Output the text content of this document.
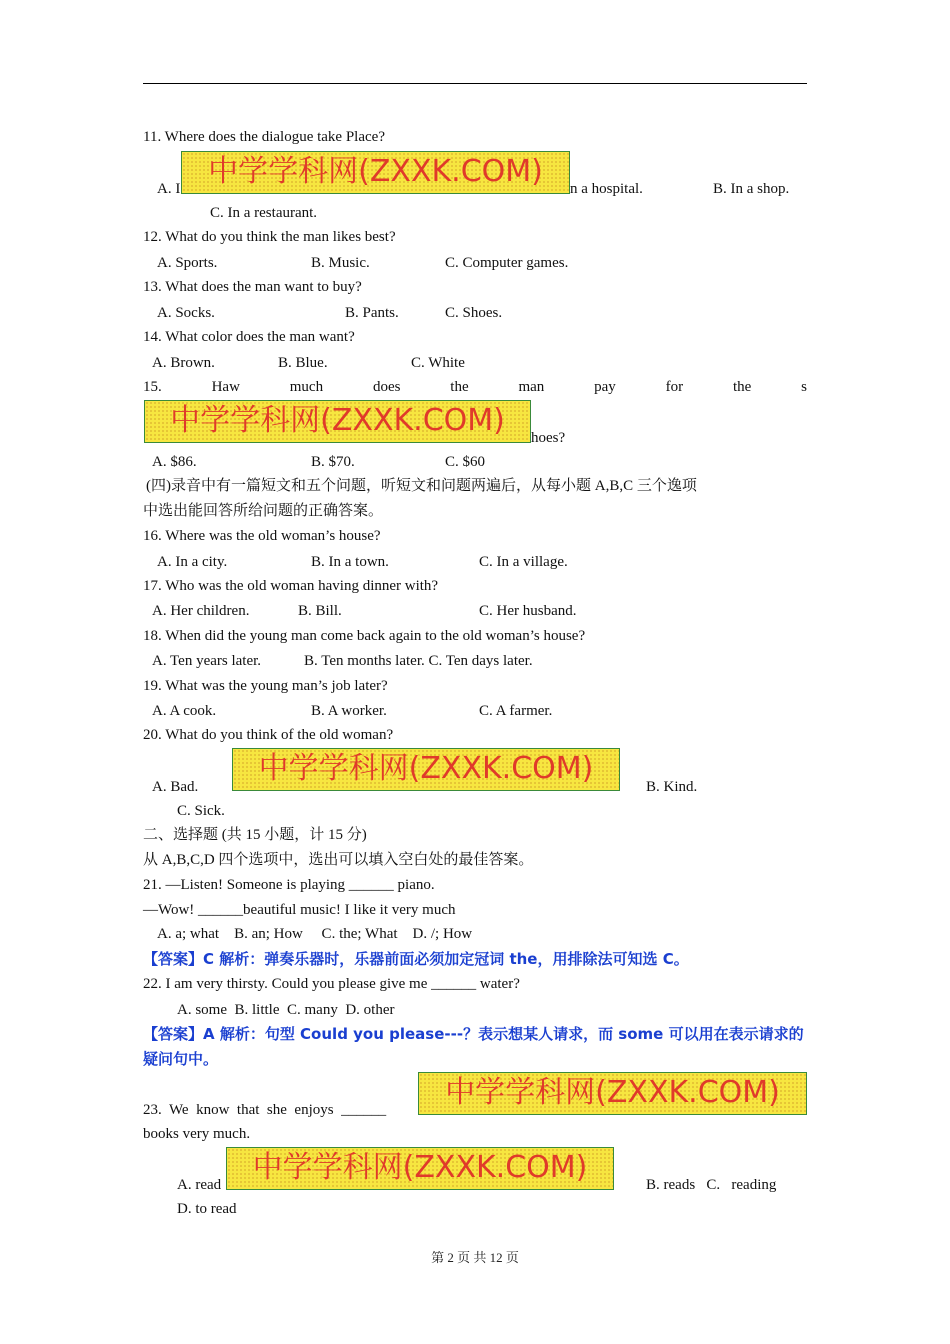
11. Where does the dialogue take Place?
A. I 中学学科网(ZXXK.COM)	n a hospital.	B. In a shop.
C. In a restaurant.
12. What do you think the man likes best?
A. Sports.	B. Music.	C. Computer games.
13. What does the man want to buy?
A. Socks.	B. Pants.	C. Shoes.
14. What color does the man want?
A. Brown.	B. Blue.	C. White
15.	Haw	much	does	the	man	pay	for	the	s
中学学科网(ZXXK.COM)	hoes?
A. $86.	B. $70.	C. $60
(四)录音中有一篇短文和五个问题，听短文和问题两遍后，从每小题 A,B,C 三个逸项
中选出能回答所给问题的正确答案。
16. Where was the old woman’s house?
A. In a city.	B. In a town.	C. In a village.
17. Who was the old woman having dinner with?
A. Her children.	B. Bill.	C. Her husband.
18. When did the young man come back again to the old woman’s house?
A. Ten years later.	B. Ten months later. C. Ten days later.
19. What was the young man’s job later?
A. A cook.	B. A worker.	C. A farmer.
20. What do you think of the old woman?
A. Bad.
中学学科网(ZXXK.COM)
B. Kind.
C. Sick.
二、选择题 (共 15 小题，计 15 分)
从 A,B,C,D 四个选项中，选出可以填入空白处的最佳答案。
21. —Listen! Someone is playing ______ piano.
—Wow! ______beautiful music! I like it very much
A. a; what    B. an; How     C. the; What    D. /; How
【答案】C 解析：弹奏乐器时，乐器前面必须加定冠词 the，用排除法可知选 C。
22. I am very thirsty. Could you please give me ______ water?
A. some  B. little  C. many  D. other
【答案】A 解析：句型 Could you please---？表示想某人请求，而 some 可以用在表示请求的
疑问句中。
23.  We  know  that  she  enjoys  ______	中学学科网(ZXXK.COM)
books very much.
A. read	中学学科网(ZXXK.COM)	B. reads   C.   reading
D. to read
第 2 页 共 12 页
